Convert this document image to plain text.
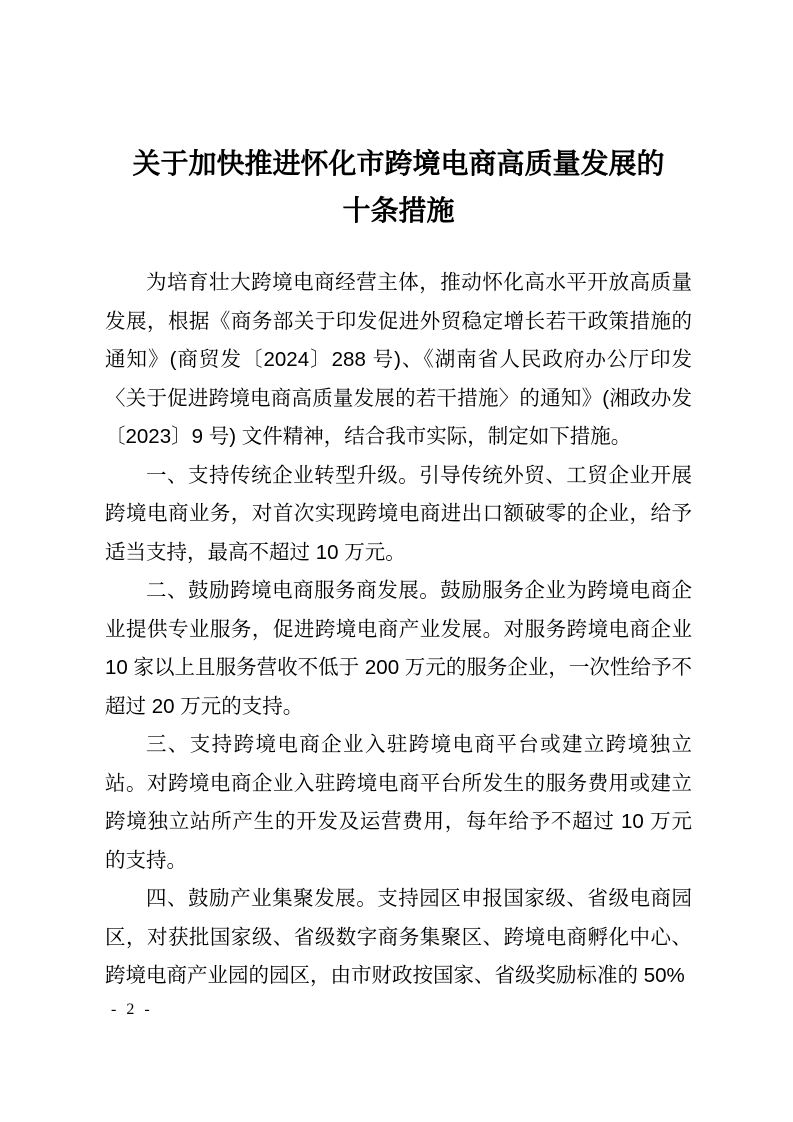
关于加快推进怀化市跨境电商高质量发展的
十条措施

为培育壮大跨境电商经营主体，推动怀化高水平开放高质量发展，根据《商务部关于印发促进外贸稳定增长若干政策措施的通知》(商贸发〔2024〕288 号)、《湖南省人民政府办公厅印发〈关于促进跨境电商高质量发展的若干措施〉的通知》(湘政办发〔2023〕9 号) 文件精神，结合我市实际，制定如下措施。

一、支持传统企业转型升级。引导传统外贸、工贸企业开展跨境电商业务，对首次实现跨境电商进出口额破零的企业，给予适当支持，最高不超过 10 万元。

二、鼓励跨境电商服务商发展。鼓励服务企业为跨境电商企业提供专业服务，促进跨境电商产业发展。对服务跨境电商企业 10 家以上且服务营收不低于 200 万元的服务企业，一次性给予不超过 20 万元的支持。

三、支持跨境电商企业入驻跨境电商平台或建立跨境独立站。对跨境电商企业入驻跨境电商平台所发生的服务费用或建立跨境独立站所产生的开发及运营费用，每年给予不超过 10 万元的支持。

四、鼓励产业集聚发展。支持园区申报国家级、省级电商园区，对获批国家级、省级数字商务集聚区、跨境电商孵化中心、跨境电商产业园的园区，由市财政按国家、省级奖励标准的 50%

- 2 -
